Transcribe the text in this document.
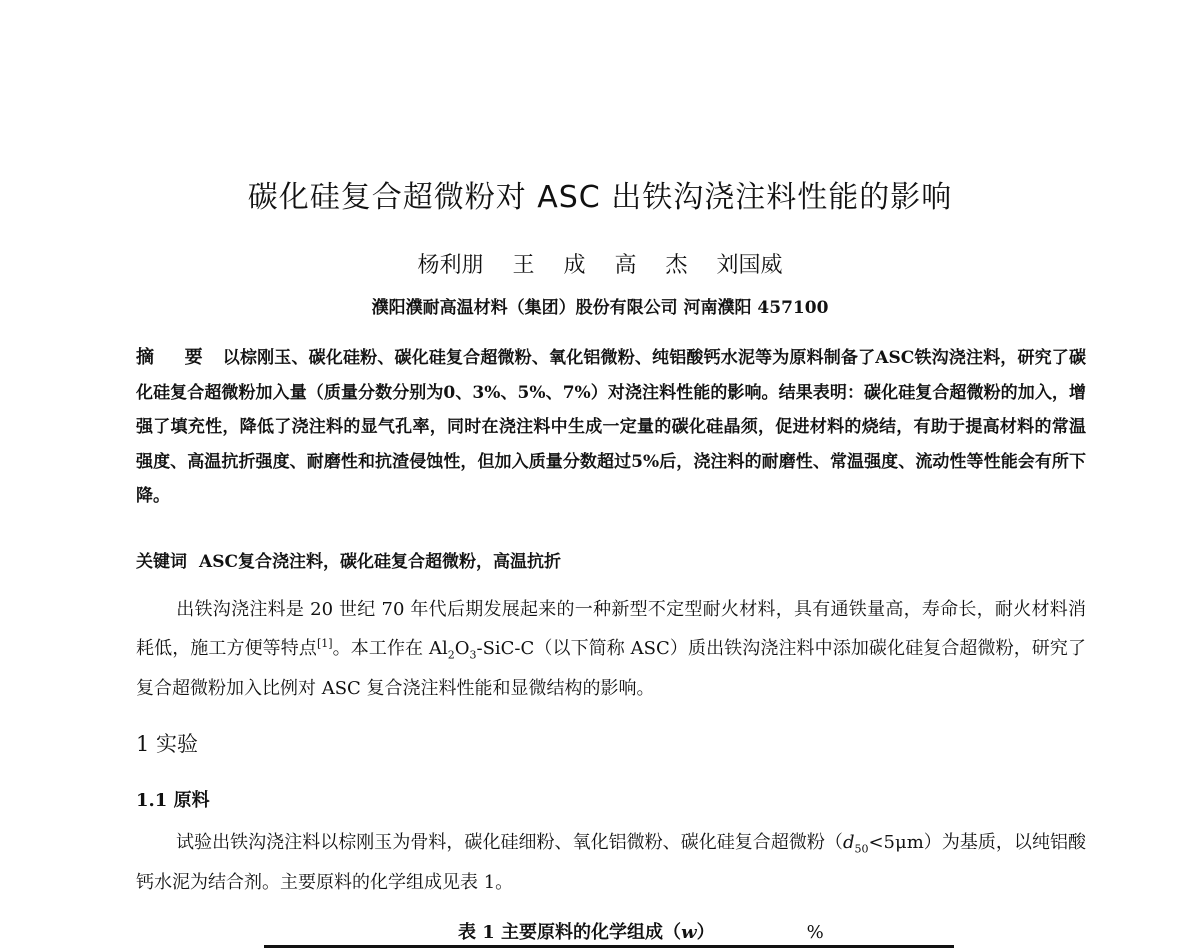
碳化硅复合超微粉对 ASC 出铁沟浇注料性能的影响
杨利朋 王 成 高 杰 刘国威
濮阳濮耐高温材料（集团）股份有限公司 河南濮阳 457100
摘 要 以棕刚玉、碳化硅粉、碳化硅复合超微粉、氧化铝微粉、纯铝酸钙水泥等为原料制备了ASC铁沟浇注料，研究了碳化硅复合超微粉加入量（质量分数分别为0、3%、5%、7%）对浇注料性能的影响。结果表明：碳化硅复合超微粉的加入，增强了填充性，降低了浇注料的显气孔率，同时在浇注料中生成一定量的碳化硅晶须，促进材料的烧结，有助于提高材料的常温强度、高温抗折强度、耐磨性和抗渣侵蚀性，但加入质量分数超过5%后，浇注料的耐磨性、常温强度、流动性等性能会有所下降。
关键词 ASC复合浇注料，碳化硅复合超微粉，高温抗折
出铁沟浇注料是 20 世纪 70 年代后期发展起来的一种新型不定型耐火材料，具有通铁量高，寿命长，耐火材料消耗低，施工方便等特点[1]。本工作在 $Al_2O_3-SiC-C$（以下简称 ASC）质出铁沟浇注料中添加碳化硅复合超微粉，研究了复合超微粉加入比例对 ASC 复合浇注料性能和显微结构的影响。
1 实验
1.1 原料
试验出铁沟浇注料以棕刚玉为骨料，碳化硅细粉、氧化铝微粉、碳化硅复合超微粉$(d_{50}<5\mu m)$为基质，以纯铝酸钙水泥为结合剂。主要原料的化学组成见表 1。
表 1 主要原料的化学组成（w）	%
